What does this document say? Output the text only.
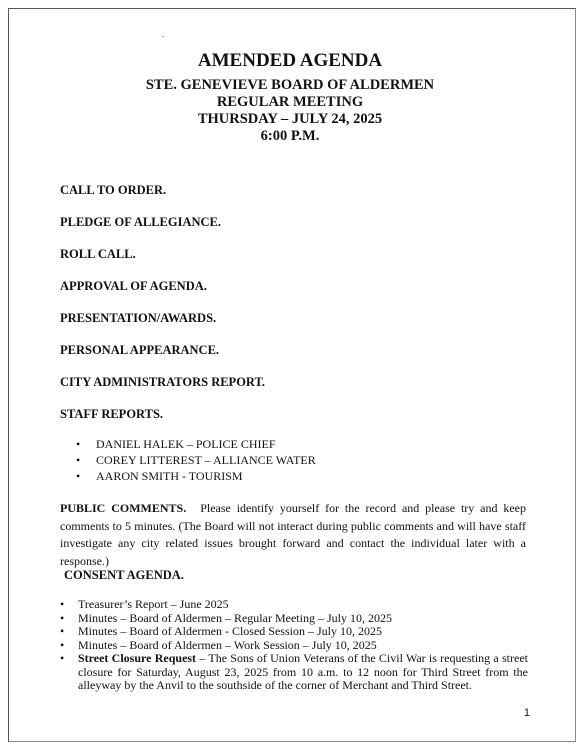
AMENDED AGENDA
STE. GENEVIEVE BOARD OF ALDERMEN
REGULAR MEETING
THURSDAY – JULY 24, 2025
6:00 P.M.

CALL TO ORDER.

PLEDGE OF ALLEGIANCE.

ROLL CALL.

APPROVAL OF AGENDA.

PRESENTATION/AWARDS.

PERSONAL APPEARANCE.

CITY ADMINISTRATORS REPORT.

STAFF REPORTS.

• DANIEL HALEK – POLICE CHIEF
• COREY LITTEREST – ALLIANCE WATER
• AARON SMITH - TOURISM

PUBLIC COMMENTS. Please identify yourself for the record and please try and keep comments to 5 minutes. (The Board will not interact during public comments and will have staff investigate any city related issues brought forward and contact the individual later with a response.)

CONSENT AGENDA.

• Treasurer’s Report – June 2025
• Minutes – Board of Aldermen – Regular Meeting – July 10, 2025
• Minutes – Board of Aldermen - Closed Session – July 10, 2025
• Minutes – Board of Aldermen – Work Session – July 10, 2025
• Street Closure Request – The Sons of Union Veterans of the Civil War is requesting a street closure for Saturday, August 23, 2025 from 10 a.m. to 12 noon for Third Street from the alleyway by the Anvil to the southside of the corner of Merchant and Third Street.
1
